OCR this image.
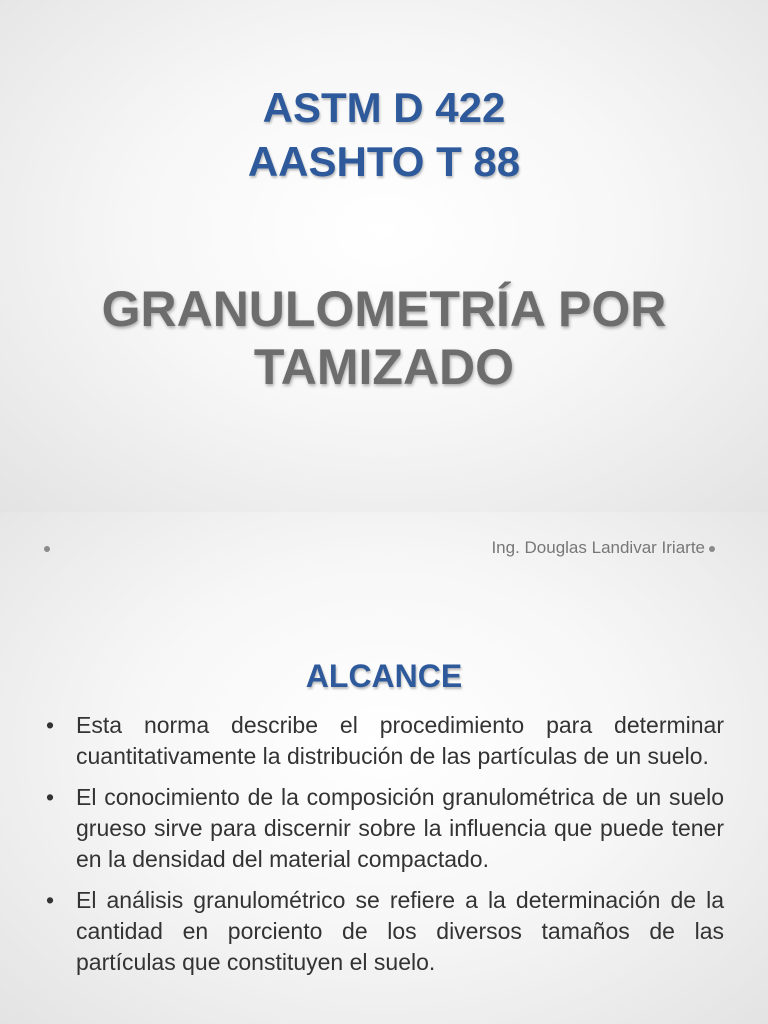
ASTM D 422
AASHTO T 88
GRANULOMETRÍA POR
TAMIZADO
Ing. Douglas Landivar Iriarte
ALCANCE
• Esta norma describe el procedimiento para determinar cuantitativamente la distribución de las partículas de un suelo.
• El conocimiento de la composición granulométrica de un suelo grueso sirve para discernir sobre la influencia que puede tener en la densidad del material compactado.
• El análisis granulométrico se refiere a la determinación de la cantidad en porciento de los diversos tamaños de las partículas que constituyen el suelo.
